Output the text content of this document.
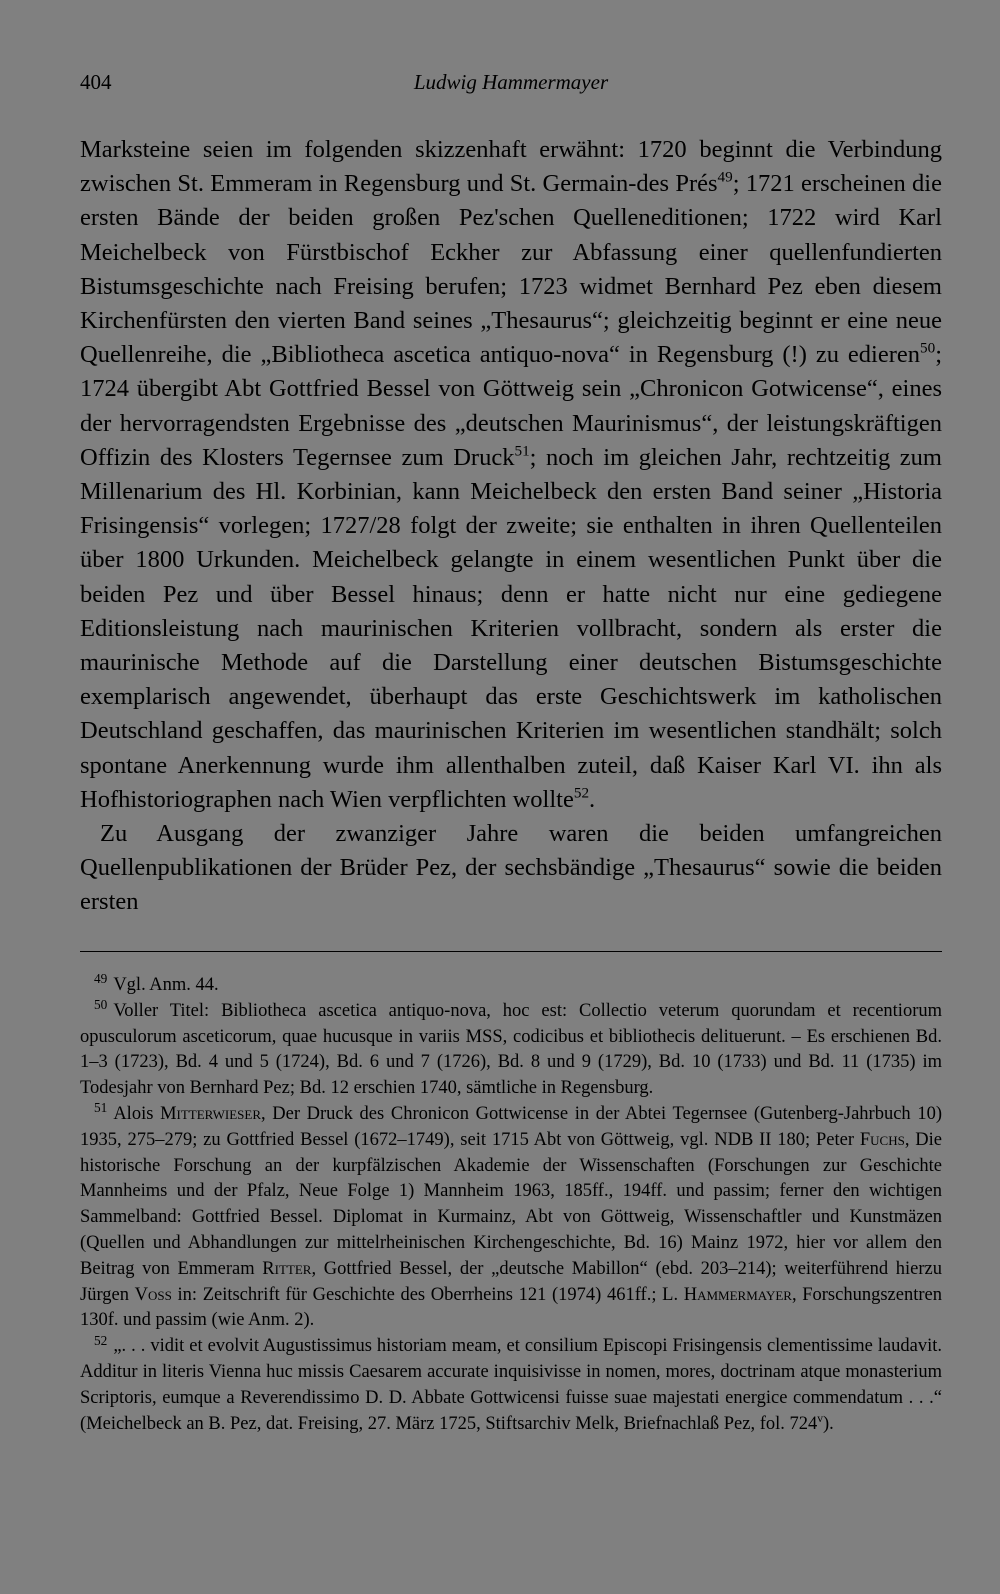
404	Ludwig Hammermayer

Marksteine seien im folgenden skizzenhaft erwähnt: 1720 beginnt die Verbindung zwischen St. Emmeram in Regensburg und St. Germain-des Prés$^{49}$; 1721 erscheinen die ersten Bände der beiden großen Pez'schen Quelleneditionen; 1722 wird Karl Meichelbeck von Fürstbischof Eckher zur Abfassung einer quellenfundierten Bistumsgeschichte nach Freising berufen; 1723 widmet Bernhard Pez eben diesem Kirchenfürsten den vierten Band seines „Thesaurus“; gleichzeitig beginnt er eine neue Quellenreihe, die „Bibliotheca ascetica antiquo-nova“ in Regensburg (!) zu edieren$^{50}$; 1724 übergibt Abt Gottfried Bessel von Göttweig sein „Chronicon Gotwicense“, eines der hervorragendsten Ergebnisse des „deutschen Maurinismus“, der leistungskräftigen Offizin des Klosters Tegernsee zum Druck$^{51}$; noch im gleichen Jahr, rechtzeitig zum Millenarium des Hl. Korbinian, kann Meichelbeck den ersten Band seiner „Historia Frisingensis“ vorlegen; 1727/28 folgt der zweite; sie enthalten in ihren Quellenteilen über 1800 Urkunden. Meichelbeck gelangte in einem wesentlichen Punkt über die beiden Pez und über Bessel hinaus; denn er hatte nicht nur eine gediegene Editionsleistung nach maurinischen Kriterien vollbracht, sondern als erster die maurinische Methode auf die Darstellung einer deutschen Bistumsgeschichte exemplarisch angewendet, überhaupt das erste Geschichtswerk im katholischen Deutschland geschaffen, das maurinischen Kriterien im wesentlichen standhält; solch spontane Anerkennung wurde ihm allenthalben zuteil, daß Kaiser Karl VI. ihn als Hofhistoriographen nach Wien verpflichten wollte$^{52}$.

Zu Ausgang der zwanziger Jahre waren die beiden umfangreichen Quellenpublikationen der Brüder Pez, der sechsbändige „Thesaurus“ sowie die beiden ersten

$^{49}$ Vgl. Anm. 44.

$^{50}$ Voller Titel: Bibliotheca ascetica antiquo-nova, hoc est: Collectio veterum quorundam et recentiorum opusculorum asceticorum, quae hucusque in variis MSS, codicibus et bibliothecis delituerunt. – Es erschienen Bd. 1–3 (1723), Bd. 4 und 5 (1724), Bd. 6 und 7 (1726), Bd. 8 und 9 (1729), Bd. 10 (1733) und Bd. 11 (1735) im Todesjahr von Bernhard Pez; Bd. 12 erschien 1740, sämtliche in Regensburg.

$^{51}$ Alois Mitterwieser, Der Druck des Chronicon Gottwicense in der Abtei Tegernsee (Gutenberg-Jahrbuch 10) 1935, 275–279; zu Gottfried Bessel (1672–1749), seit 1715 Abt von Göttweig, vgl. NDB II 180; Peter Fuchs, Die historische Forschung an der kurpfälzischen Akademie der Wissenschaften (Forschungen zur Geschichte Mannheims und der Pfalz, Neue Folge 1) Mannheim 1963, 185ff., 194ff. und passim; ferner den wichtigen Sammelband: Gottfried Bessel. Diplomat in Kurmainz, Abt von Göttweig, Wissenschaftler und Kunstmäzen (Quellen und Abhandlungen zur mittelrheinischen Kirchengeschichte, Bd. 16) Mainz 1972, hier vor allem den Beitrag von Emmeram Ritter, Gottfried Bessel, der „deutsche Mabillon“ (ebd. 203–214); weiterführend hierzu Jürgen Voss in: Zeitschrift für Geschichte des Oberrheins 121 (1974) 461ff.; L. Hammermayer, Forschungszentren 130f. und passim (wie Anm. 2).

$^{52}$ „. . . vidit et evolvit Augustissimus historiam meam, et consilium Episcopi Frisingensis clementissime laudavit. Additur in literis Vienna huc missis Caesarem accurate inquisivisse in nomen, mores, doctrinam atque monasterium Scriptoris, eumque a Reverendissimo D. D. Abbate Gottwicensi fuisse suae majestati energice commendatum . . .“ (Meichelbeck an B. Pez, dat. Freising, 27. März 1725, Stiftsarchiv Melk, Briefnachlaß Pez, fol. 724$^v$).
